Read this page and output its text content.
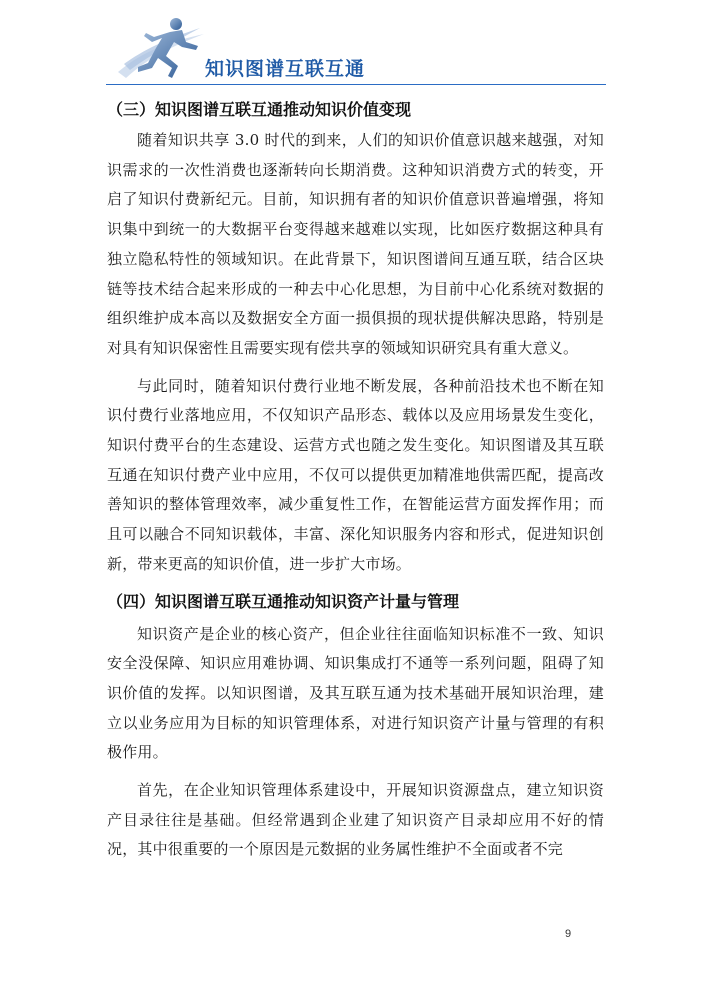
知识图谱互联互通
（三）知识图谱互联互通推动知识价值变现

随着知识共享 3.0 时代的到来，人们的知识价值意识越来越强，对知识需求的一次性消费也逐渐转向长期消费。这种知识消费方式的转变，开启了知识付费新纪元。目前，知识拥有者的知识价值意识普遍增强，将知识集中到统一的大数据平台变得越来越难以实现，比如医疗数据这种具有独立隐私特性的领域知识。在此背景下，知识图谱间互通互联，结合区块链等技术结合起来形成的一种去中心化思想，为目前中心化系统对数据的组织维护成本高以及数据安全方面一损俱损的现状提供解决思路，特别是对具有知识保密性且需要实现有偿共享的领域知识研究具有重大意义。

与此同时，随着知识付费行业地不断发展，各种前沿技术也不断在知识付费行业落地应用，不仅知识产品形态、载体以及应用场景发生变化，知识付费平台的生态建设、运营方式也随之发生变化。知识图谱及其互联互通在知识付费产业中应用，不仅可以提供更加精准地供需匹配，提高改善知识的整体管理效率，减少重复性工作，在智能运营方面发挥作用；而且可以融合不同知识载体，丰富、深化知识服务内容和形式，促进知识创新，带来更高的知识价值，进一步扩大市场。

（四）知识图谱互联互通推动知识资产计量与管理

知识资产是企业的核心资产，但企业往往面临知识标准不一致、知识安全没保障、知识应用难协调、知识集成打不通等一系列问题，阻碍了知识价值的发挥。以知识图谱，及其互联互通为技术基础开展知识治理，建立以业务应用为目标的知识管理体系，对进行知识资产计量与管理的有积极作用。

首先，在企业知识管理体系建设中，开展知识资源盘点，建立知识资产目录往往是基础。但经常遇到企业建了知识资产目录却应用不好的情况，其中很重要的一个原因是元数据的业务属性维护不全面或者不完

9
